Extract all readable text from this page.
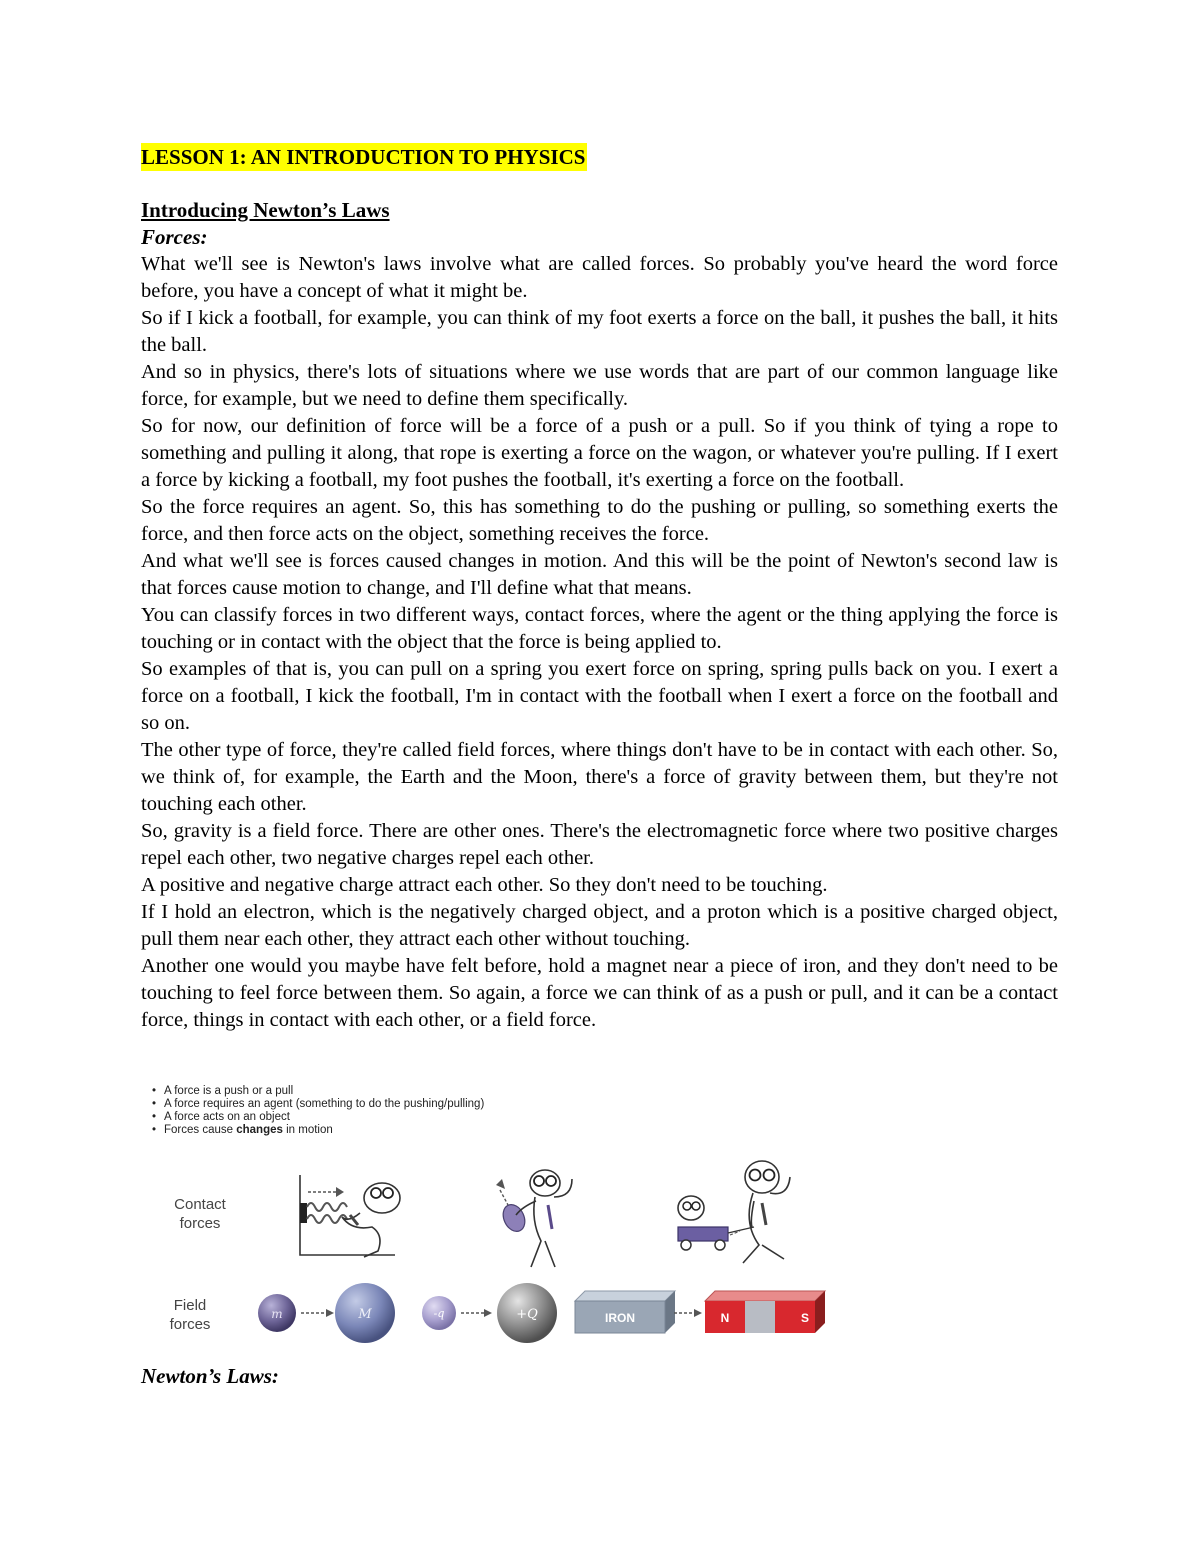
LESSON 1: AN INTRODUCTION TO PHYSICS
Introducing Newton’s Laws
Forces:

What we'll see is Newton's laws involve what are called forces. So probably you've heard the word force before, you have a concept of what it might be.

So if I kick a football, for example, you can think of my foot exerts a force on the ball, it pushes the ball, it hits the ball.

And so in physics, there's lots of situations where we use words that are part of our common language like force, for example, but we need to define them specifically.

So for now, our definition of force will be a force of a push or a pull. So if you think of tying a rope to something and pulling it along, that rope is exerting a force on the wagon, or whatever you're pulling. If I exert a force by kicking a football, my foot pushes the football, it's exerting a force on the football.

So the force requires an agent. So, this has something to do the pushing or pulling, so something exerts the force, and then force acts on the object, something receives the force.

And what we'll see is forces caused changes in motion. And this will be the point of Newton's second law is that forces cause motion to change, and I'll define what that means.

You can classify forces in two different ways, contact forces, where the agent or the thing applying the force is touching or in contact with the object that the force is being applied to.

So examples of that is, you can pull on a spring you exert force on spring, spring pulls back on you. I exert a force on a football, I kick the football, I'm in contact with the football when I exert a force on the football and so on.

The other type of force, they're called field forces, where things don't have to be in contact with each other. So, we think of, for example, the Earth and the Moon, there's a force of gravity between them, but they're not touching each other.

So, gravity is a field force. There are other ones. There's the electromagnetic force where two positive charges repel each other, two negative charges repel each other.

A positive and negative charge attract each other. So they don't need to be touching.

If I hold an electron, which is the negatively charged object, and a proton which is a positive charged object, pull them near each other, they attract each other without touching.

Another one would you maybe have felt before, hold a magnet near a piece of iron, and they don't need to be touching to feel force between them. So again, a force we can think of as a push or pull, and it can be a contact force, things in contact with each other, or a field force.

• A force is a push or a pull
• A force requires an agent (something to do the pushing/pulling)
• A force acts on an object
• Forces cause changes in motion
Contact
forces
Field
forces
m	M	-q	+Q	IRON	N	S
Newton’s Laws:
